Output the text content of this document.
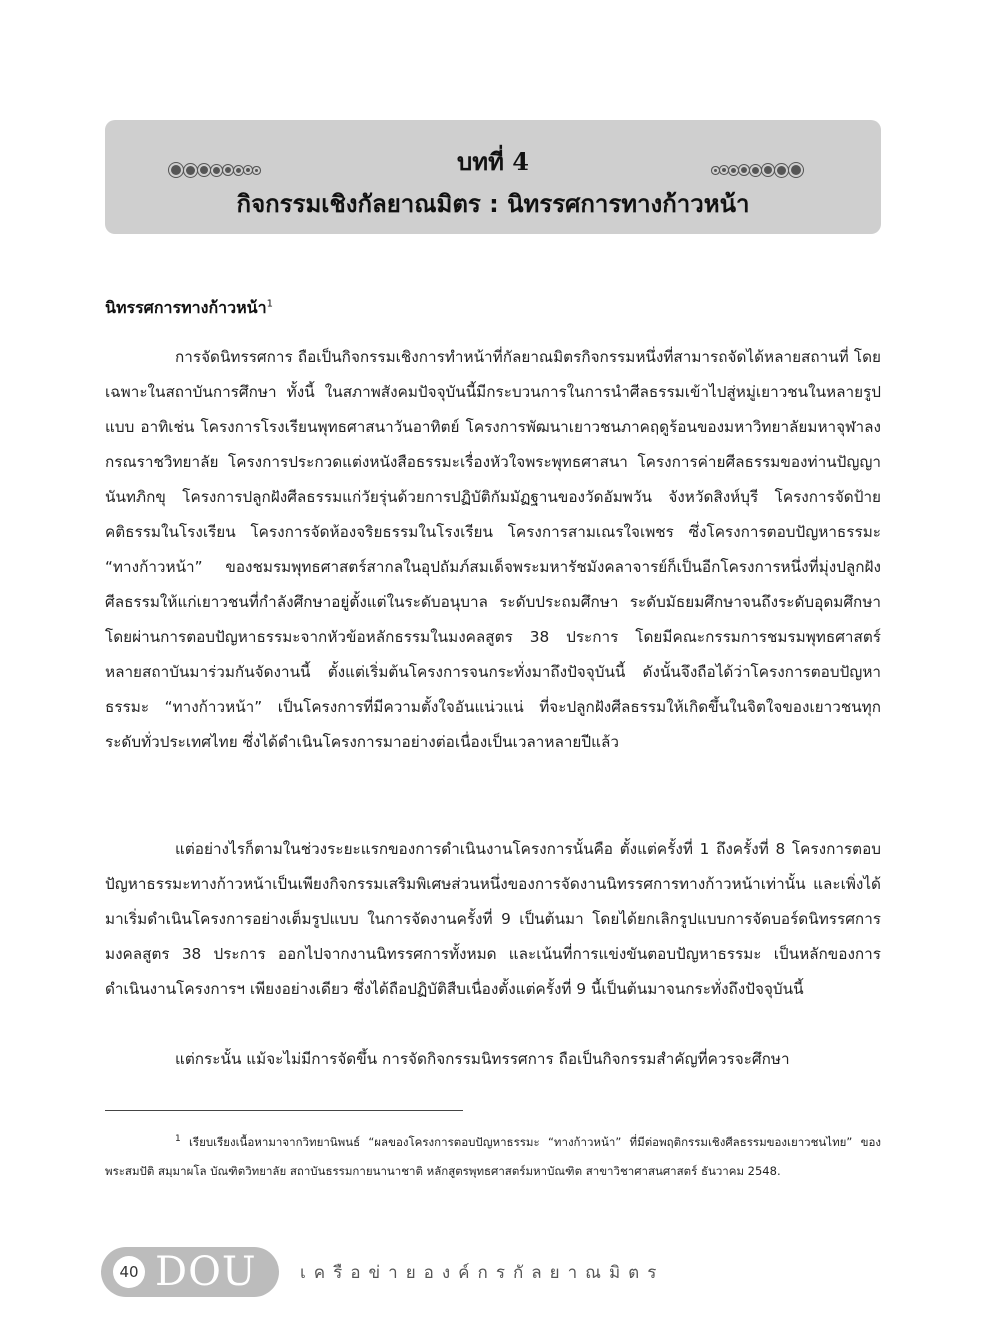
บทที่ 4
กิจกรรมเชิงกัลยาณมิตร : นิทรรศการทางก้าวหน้า
นิทรรศการทางก้าวหน้า$^1$

การจัดนิทรรศการ ถือเป็นกิจกรรมเชิงการทำหน้าที่กัลยาณมิตรกิจกรรมหนึ่งที่สามารถจัดได้หลายสถานที่ โดยเฉพาะในสถาบันการศึกษา ทั้งนี้ ในสภาพสังคมปัจจุบันนี้มีกระบวนการในการนำศีลธรรมเข้าไปสู่หมู่เยาวชนในหลายรูปแบบ อาทิเช่น โครงการโรงเรียนพุทธศาสนาวันอาทิตย์ โครงการพัฒนาเยาวชนภาคฤดูร้อนของมหาวิทยาลัยมหาจุฬาลงกรณราชวิทยาลัย โครงการประกวดแต่งหนังสือธรรมะเรื่องหัวใจพระพุทธศาสนา โครงการค่ายศีลธรรมของท่านปัญญานันทภิกขุ โครงการปลูกฝังศีลธรรมแก่วัยรุ่นด้วยการปฏิบัติกัมมัฏฐานของวัดอัมพวัน จังหวัดสิงห์บุรี โครงการจัดป้ายคติธรรมในโรงเรียน โครงการจัดห้องจริยธรรมในโรงเรียน โครงการสามเณรใจเพชร ซึ่งโครงการตอบปัญหาธรรมะ “ทางก้าวหน้า” ของชมรมพุทธศาสตร์สากลในอุปถัมภ์สมเด็จพระมหารัชมังคลาจารย์ก็เป็นอีกโครงการหนึ่งที่มุ่งปลูกฝังศีลธรรมให้แก่เยาวชนที่กำลังศึกษาอยู่ตั้งแต่ในระดับอนุบาล ระดับประถมศึกษา ระดับมัธยมศึกษาจนถึงระดับอุดมศึกษา โดยผ่านการตอบปัญหาธรรมะจากหัวข้อหลักธรรมในมงคลสูตร 38 ประการ โดยมีคณะกรรมการชมรมพุทธศาสตร์หลายสถาบันมาร่วมกันจัดงานนี้ ตั้งแต่เริ่มต้นโครงการจนกระทั่งมาถึงปัจจุบันนี้ ดังนั้นจึงถือได้ว่าโครงการตอบปัญหาธรรมะ “ทางก้าวหน้า” เป็นโครงการที่มีความตั้งใจอันแน่วแน่ ที่จะปลูกฝังศีลธรรมให้เกิดขึ้นในจิตใจของเยาวชนทุกระดับทั่วประเทศไทย ซึ่งได้ดำเนินโครงการมาอย่างต่อเนื่องเป็นเวลาหลายปีแล้ว

แต่อย่างไรก็ตามในช่วงระยะแรกของการดำเนินงานโครงการนั้นคือ ตั้งแต่ครั้งที่ 1 ถึงครั้งที่ 8 โครงการตอบปัญหาธรรมะทางก้าวหน้าเป็นเพียงกิจกรรมเสริมพิเศษส่วนหนึ่งของการจัดงานนิทรรศการทางก้าวหน้าเท่านั้น และเพิ่งได้มาเริ่มดำเนินโครงการอย่างเต็มรูปแบบ ในการจัดงานครั้งที่ 9 เป็นต้นมา โดยได้ยกเลิกรูปแบบการจัดบอร์ดนิทรรศการมงคลสูตร 38 ประการ ออกไปจากงานนิทรรศการทั้งหมด และเน้นที่การแข่งขันตอบปัญหาธรรมะ เป็นหลักของการดำเนินงานโครงการฯ เพียงอย่างเดียว ซึ่งได้ถือปฏิบัติสืบเนื่องตั้งแต่ครั้งที่ 9 นี้เป็นต้นมาจนกระทั่งถึงปัจจุบันนี้

แต่กระนั้น แม้จะไม่มีการจัดขึ้น การจัดกิจกรรมนิทรรศการ ถือเป็นกิจกรรมสำคัญที่ควรจะศึกษา

$^1$ เรียบเรียงเนื้อหามาจากวิทยานิพนธ์ “ผลของโครงการตอบปัญหาธรรมะ “ทางก้าวหน้า” ที่มีต่อพฤติกรรมเชิงศีลธรรมของเยาวชนไทย” ของ พระสมปัติ สมฺมาผโล บัณฑิตวิทยาลัย สถาบันธรรมกายนานาชาติ หลักสูตรพุทธศาสตร์มหาบัณฑิต สาขาวิชาศาสนศาสตร์ ธันวาคม 2548.

40 DOU	เครือข่ายองค์กรกัลยาณมิตร
